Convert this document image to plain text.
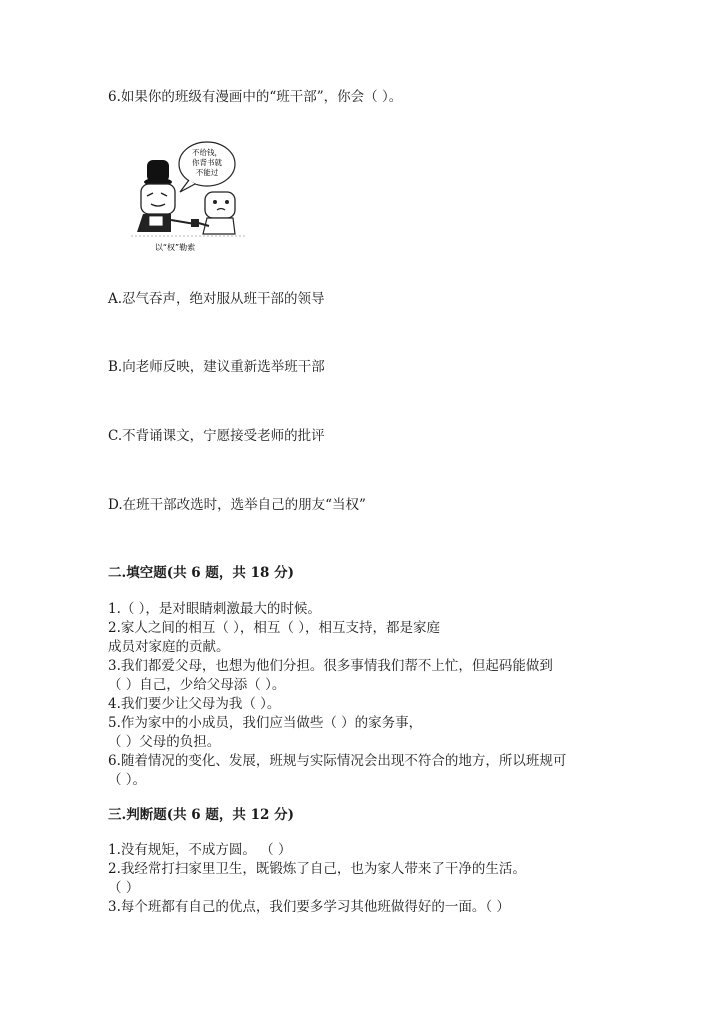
6.如果你的班级有漫画中的“班干部”，你会（ ）。
不给钱，
你背书就
不能过
以“权”勒索
A.忍气吞声，绝对服从班干部的领导
B.向老师反映，建议重新选举班干部
C.不背诵课文，宁愿接受老师的批评
D.在班干部改选时，选举自己的朋友“当权”
二.填空题(共 6 题，共 18 分)
1.（ ），是对眼睛刺激最大的时候。
2.家人之间的相互（ ），相互（ ），相互支持，都是家庭
成员对家庭的贡献。
3.我们都爱父母，也想为他们分担。很多事情我们帮不上忙，但起码能做到
（ ）自己，少给父母添（ ）。
4.我们要少让父母为我（ ）。
5.作为家中的小成员，我们应当做些（ ）的家务事，
（ ）父母的负担。
6.随着情况的变化、发展，班规与实际情况会出现不符合的地方，所以班规可
（ ）。
三.判断题(共 6 题，共 12 分)
1.没有规矩，不成方圆。 （ ）
2.我经常打扫家里卫生，既锻炼了自己，也为家人带来了干净的生活。
（ ）
3.每个班都有自己的优点，我们要多学习其他班做得好的一面。（ ）
